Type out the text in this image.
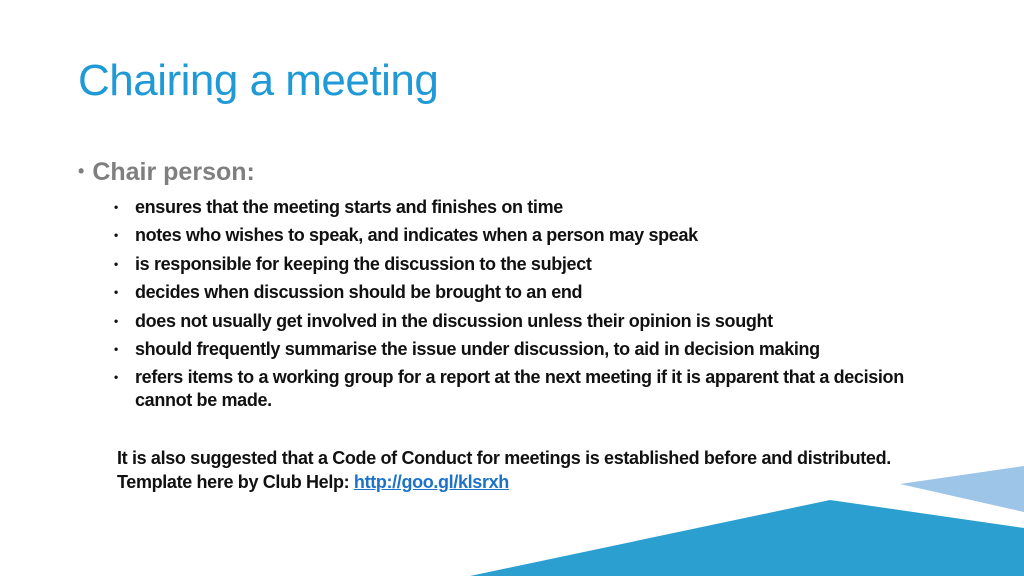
Chairing a meeting
• Chair person:
• ensures that the meeting starts and finishes on time
• notes who wishes to speak, and indicates when a person may speak
• is responsible for keeping the discussion to the subject
• decides when discussion should be brought to an end
• does not usually get involved in the discussion unless their opinion is sought
• should frequently summarise the issue under discussion, to aid in decision making
• refers items to a working group for a report at the next meeting if it is apparent that a decision cannot be made.

It is also suggested that a Code of Conduct for meetings is established before and distributed. Template here by Club Help: http://goo.gl/klsrxh
